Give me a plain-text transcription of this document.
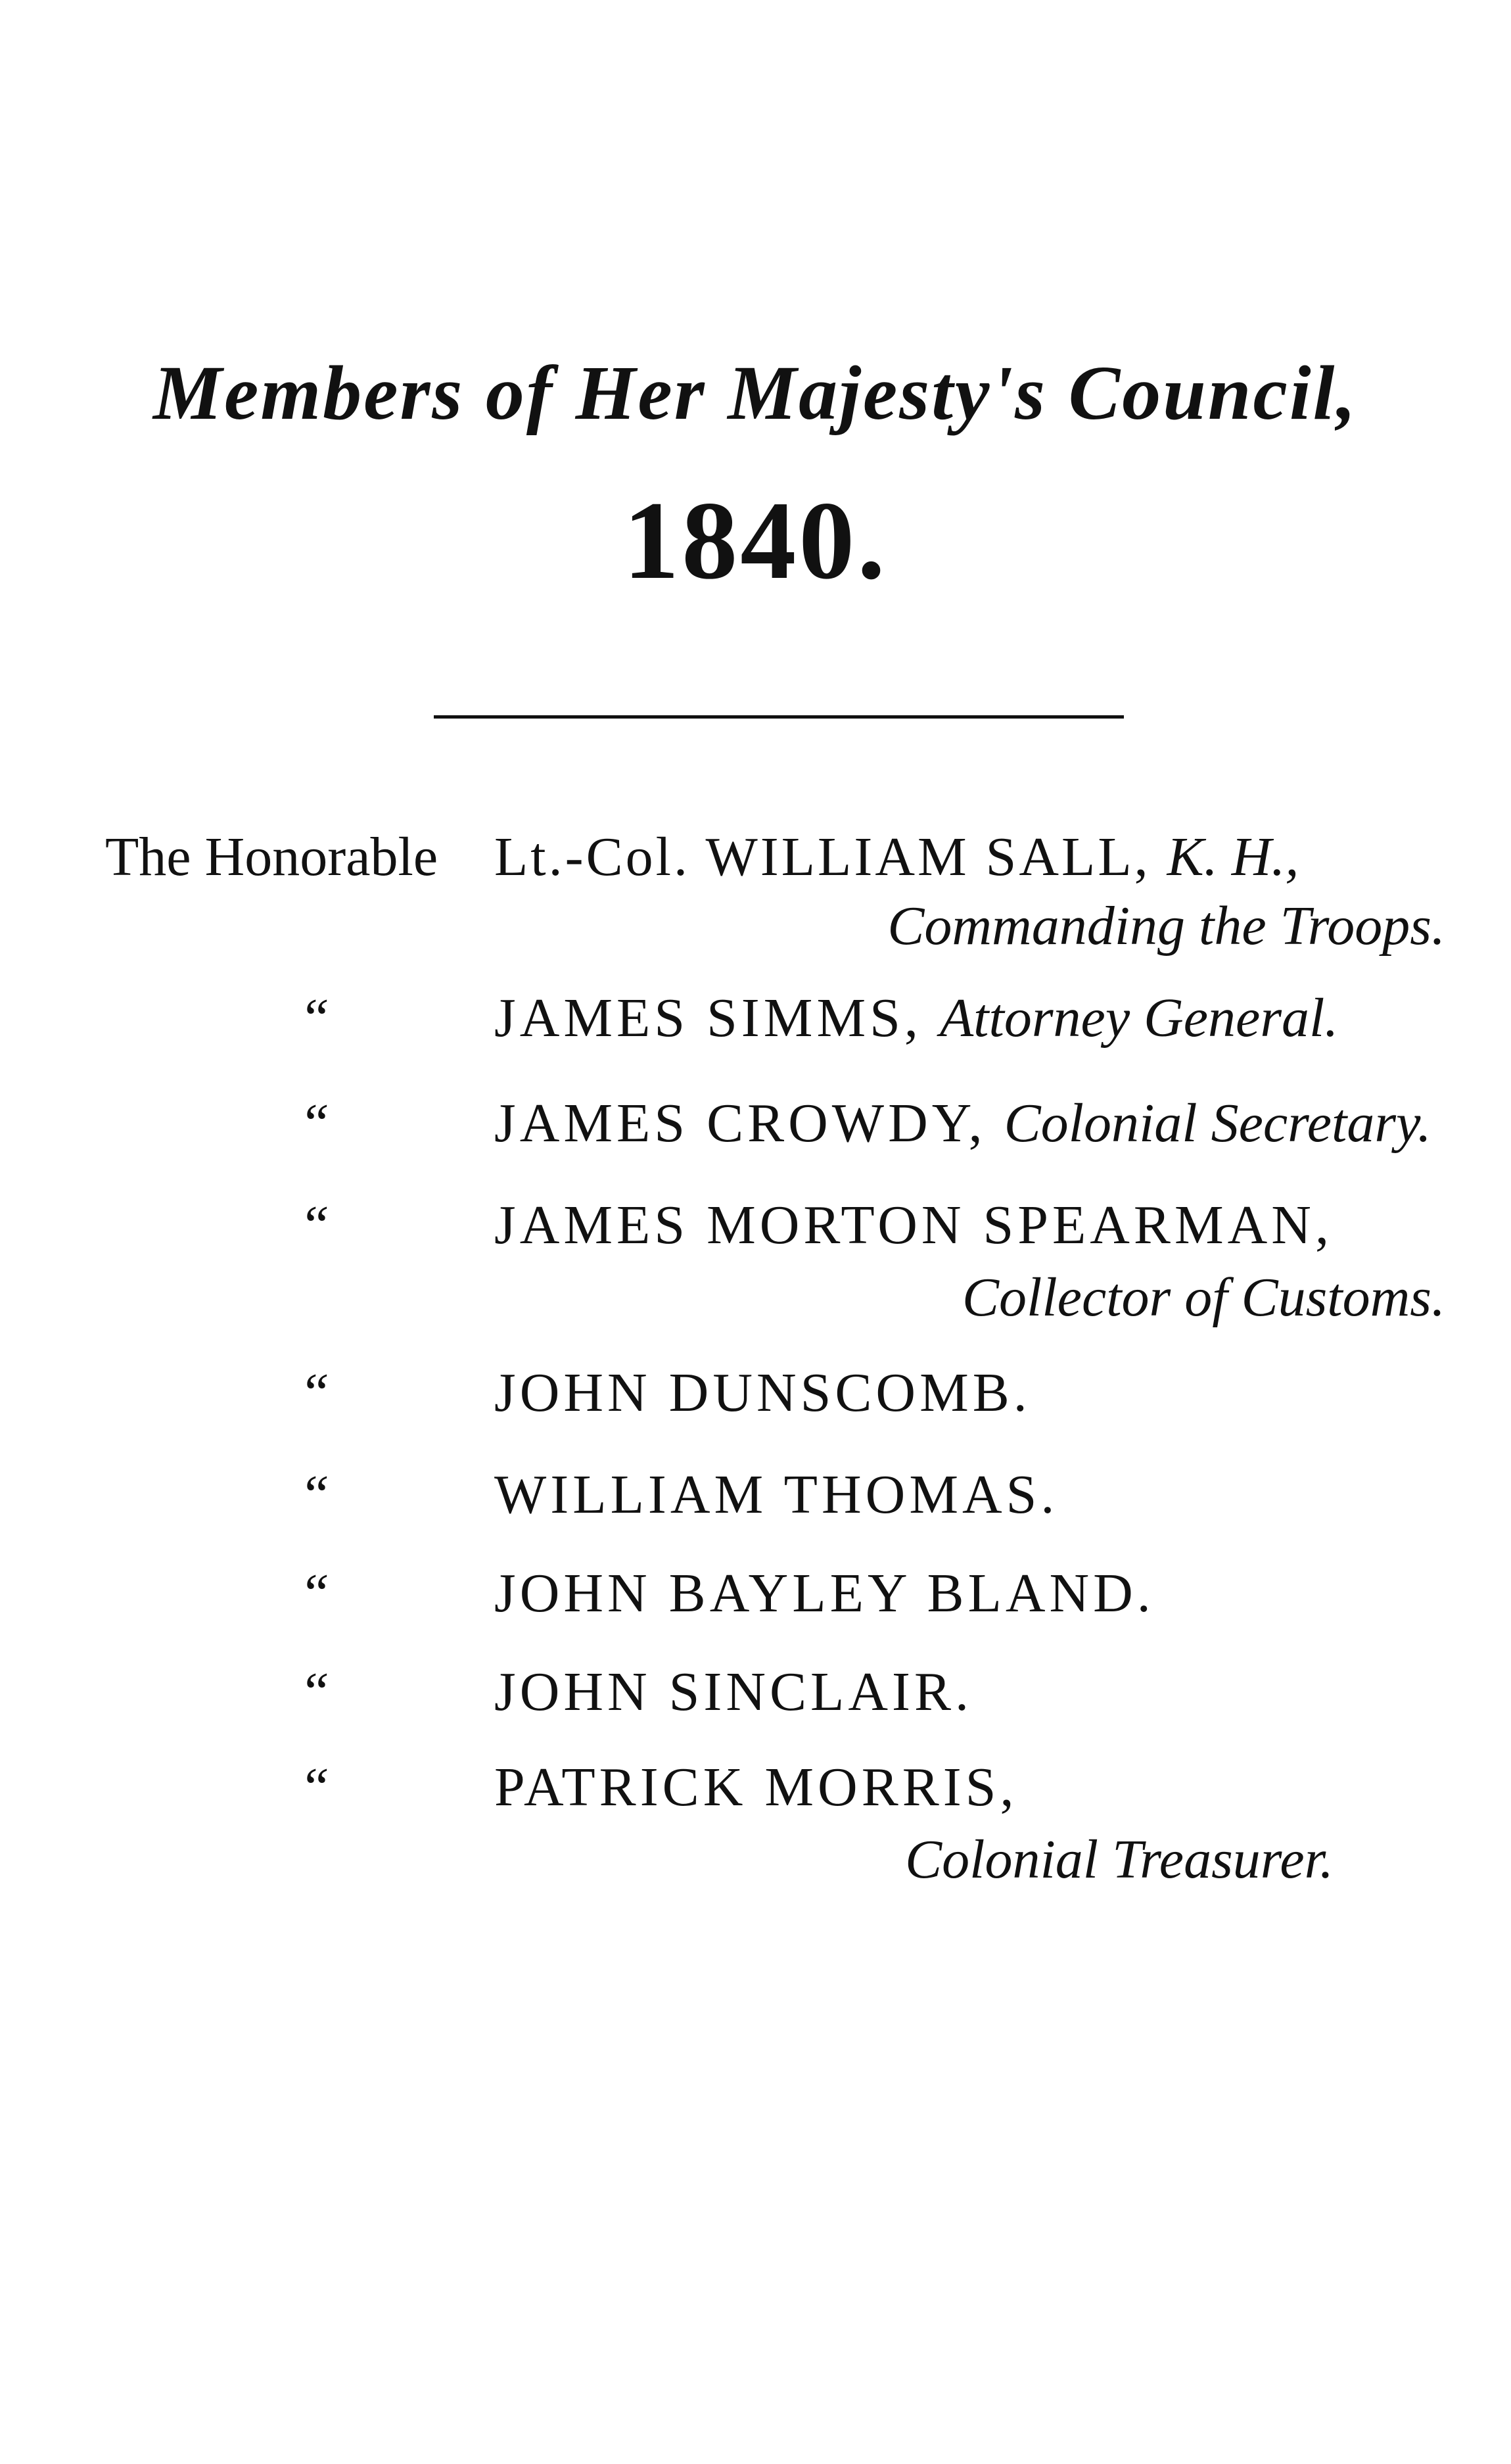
Members of Her Majesty's Council,
1840.
The Honorable Lt.-Col. WILLIAM SALL, K. H.,
Commanding the Troops.
“	JAMES SIMMS, Attorney General.
“	JAMES CROWDY, Colonial Secretary.
“	JAMES MORTON SPEARMAN,
Collector of Customs.
“	JOHN DUNSCOMB.
“	WILLIAM THOMAS.
“	JOHN BAYLEY BLAND.
“	JOHN SINCLAIR.
“	PATRICK MORRIS,
Colonial Treasurer.
